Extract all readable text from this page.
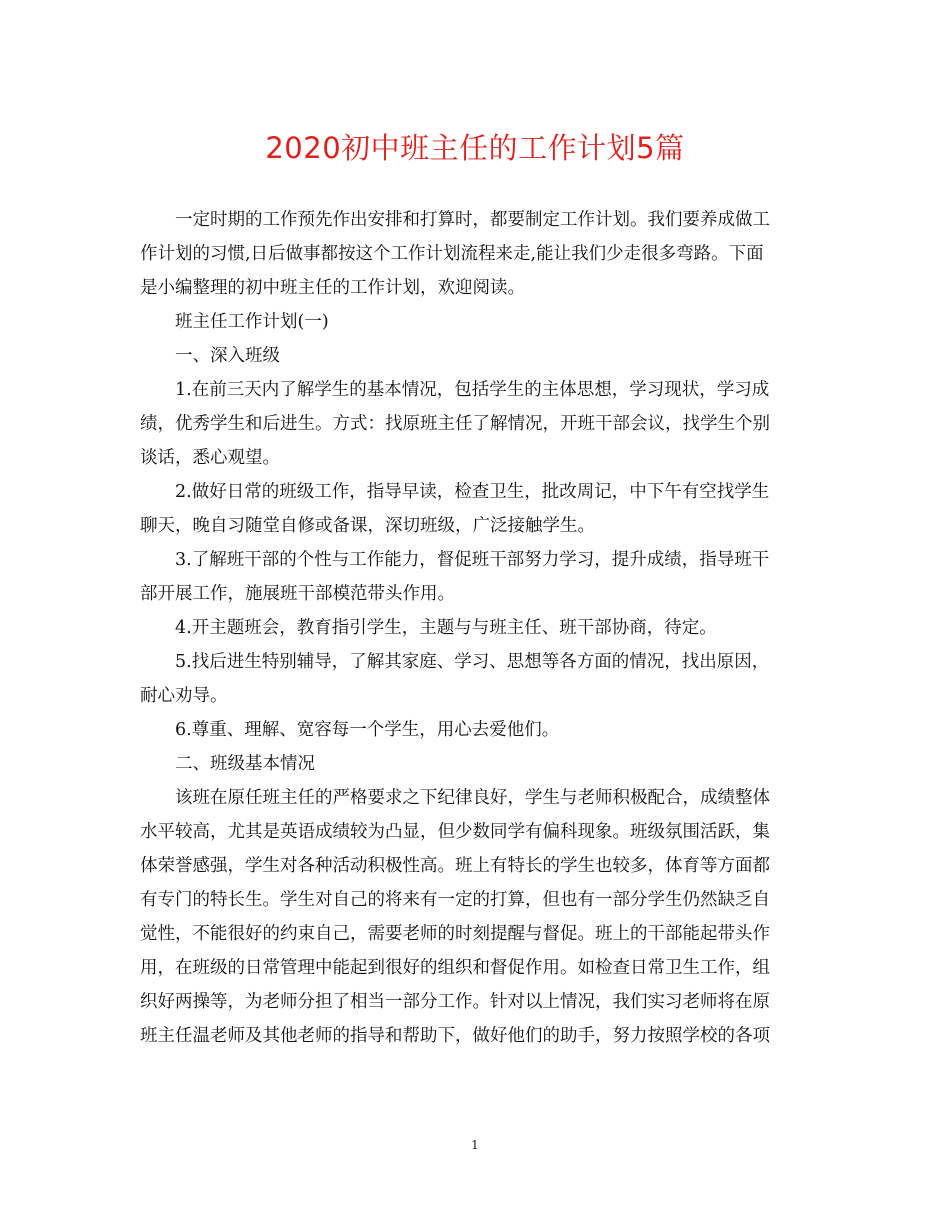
2020初中班主任的工作计划5篇

一定时期的工作预先作出安排和打算时，都要制定工作计划。我们要养成做工
作计划的习惯,日后做事都按这个工作计划流程来走,能让我们少走很多弯路。下面
是小编整理的初中班主任的工作计划，欢迎阅读。

班主任工作计划(一)

一、深入班级

1.在前三天内了解学生的基本情况，包括学生的主体思想，学习现状，学习成
绩，优秀学生和后进生。方式：找原班主任了解情况，开班干部会议，找学生个别
谈话，悉心观望。

2.做好日常的班级工作，指导早读，检查卫生，批改周记，中下午有空找学生
聊天，晚自习随堂自修或备课，深切班级，广泛接触学生。

3.了解班干部的个性与工作能力，督促班干部努力学习，提升成绩，指导班干
部开展工作，施展班干部模范带头作用。

4.开主题班会，教育指引学生，主题与与班主任、班干部协商，待定。

5.找后进生特别辅导，了解其家庭、学习、思想等各方面的情况，找出原因，
耐心劝导。

6.尊重、理解、宽容每一个学生，用心去爱他们。

二、班级基本情况

该班在原任班主任的严格要求之下纪律良好，学生与老师积极配合，成绩整体
水平较高，尤其是英语成绩较为凸显，但少数同学有偏科现象。班级氛围活跃，集
体荣誉感强，学生对各种活动积极性高。班上有特长的学生也较多，体育等方面都
有专门的特长生。学生对自己的将来有一定的打算，但也有一部分学生仍然缺乏自
觉性，不能很好的约束自己，需要老师的时刻提醒与督促。班上的干部能起带头作
用，在班级的日常管理中能起到很好的组织和督促作用。如检查日常卫生工作，组
织好两操等，为老师分担了相当一部分工作。针对以上情况，我们实习老师将在原
班主任温老师及其他老师的指导和帮助下，做好他们的助手，努力按照学校的各项

1
